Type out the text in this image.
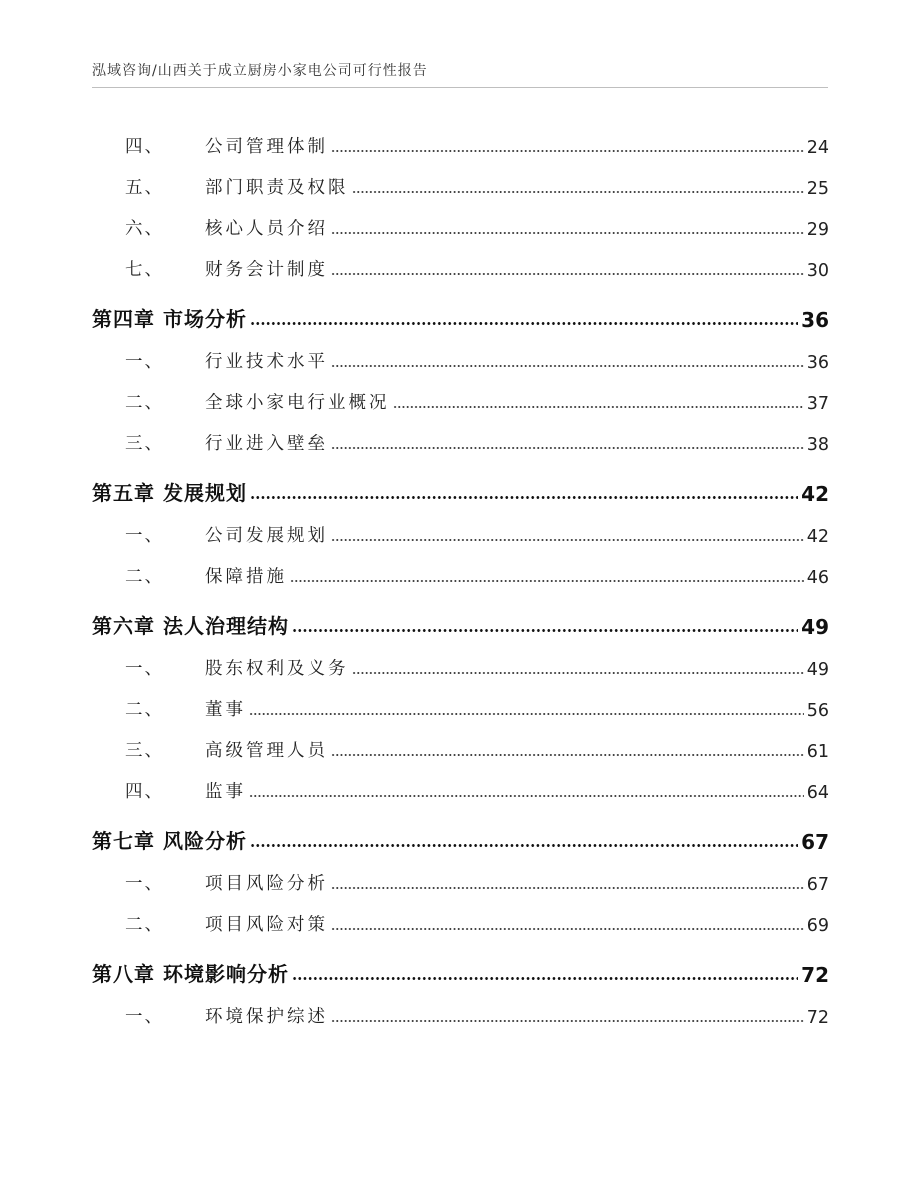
泓域咨询/山西关于成立厨房小家电公司可行性报告
四、	公司管理体制	24
五、	部门职责及权限	25
六、	核心人员介绍	29
七、	财务会计制度	30
第四章 市场分析	36
一、	行业技术水平	36
二、	全球小家电行业概况	37
三、	行业进入壁垒	38
第五章 发展规划	42
一、	公司发展规划	42
二、	保障措施	46
第六章 法人治理结构	49
一、	股东权利及义务	49
二、	董事	56
三、	高级管理人员	61
四、	监事	64
第七章 风险分析	67
一、	项目风险分析	67
二、	项目风险对策	69
第八章 环境影响分析	72
一、	环境保护综述	72
